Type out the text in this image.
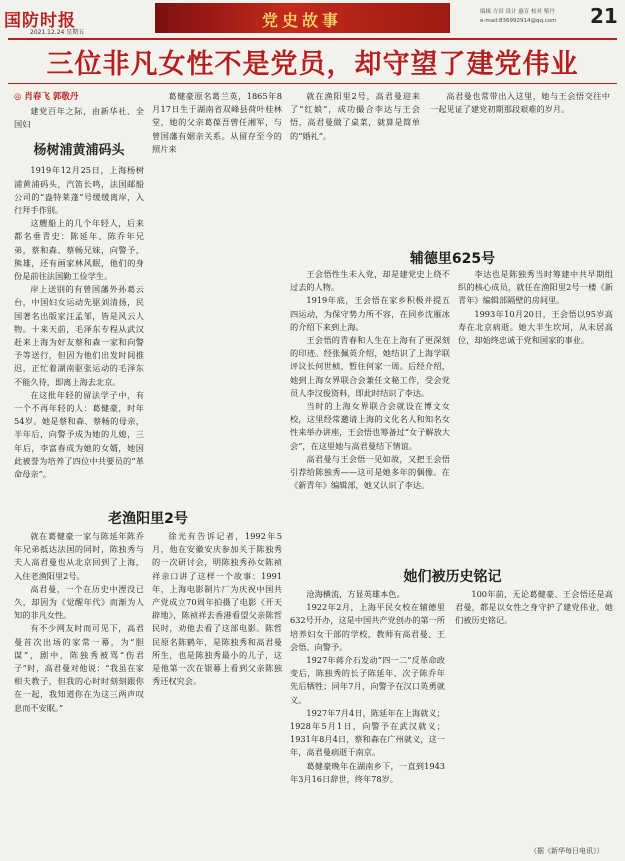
国防时报
2021.12.24 星期五
党史故事	编辑 方田 设计 惠宣 校对 柴丹
e-mail:836992914@qq.com 21
三位非凡女性不是党员，却守望了建党伟业
◎ 肖春飞 郭敬丹

建党百年之际，由新华社、全国妇

杨树浦黄浦码头

1919年12月25日，上海杨树浦黄浦码头，汽笛长鸣，法国邮船公司的“盎特莱蓬”号缓缓离岸，入行拜手作别。

这艘船上的几个年轻人，后来都名垂青史：陈延年、陈乔年兄弟，蔡和森、蔡畅兄妹，向警予，熊雄，还有画家林风眠，他们的身份是前往法国勤工俭学生。

岸上送别的有曾国藩外孙葛云台，中国妇女运动先驱刘清扬，民国著名出版家汪孟邹，皆是风云人物。十来天前，毛泽东专程从武汉赶来上海为好友蔡和森一家和向警予等送行，但因为他们出发时间推迟，正忙着湖南驱张运动的毛泽东不能久待，即离上海去北京。

在这批年轻的留法学子中，有一个不再年轻的人：葛健豪，时年54岁。她是蔡和森、蔡畅的母亲，半年后，向警予成为她的儿媳，三年后，李富春成为她的女婿，她因此被誉为培养了四位中共要员的“革命母亲”。

葛健豪原名葛兰英，1865年8月17日生于湖南省双峰县荷叶桂林堂，她的父亲葛葆吾曾任湘军，与曾国藩有姻亲关系。从留存至今的照片来

就在渔阳里2号，高君曼迎来了“红娘”，成功撮合李达与王会悟，高君曼做了桌菜，就算是简单的“婚礼”。

高君曼也常带出入这里，她与王会悟交往中一起见证了建党初期那段艰难的岁月。

辅德里625号

王会悟性生未入党，却是建党史上绕不过去的人物。

1919年底，王会悟在家乡积极并提五四运动，为保守势力所不容，在同乡沈雁冰的介绍下来到上海。

王会悟的青春和人生在上海有了更深刻的印迹。经张佩英介绍，她结识了上海学联评议长何世桢，暂住何家一周。后经介绍，她到上海女界联合会兼任文秘工作，受会党员人李汉俊资料，即此时结识了李达。

当时的上海女界联合会就设在博文女校，这里经常邀请上海的文化名人和知名女性来举办讲座，王会悟也筹备过“女子解放大会”，在这里她与高君曼结下情谊。

高君曼与王会悟一见如故，又把王会悟引荐给陈独秀——这可是她多年的偶像。在《新青年》编辑部，她又认识了李达。

李达也是陈独秀当时筹建中共早期组织的核心成员，就任在渔阳里2号一楼《新青年》编辑部隔壁的房间里。

1993年10月20日，王会悟以95岁高寿在北京病逝。她大半生坎坷，从未居高位，却始终忠诚于党和国家的事业。

老渔阳里2号

就在葛健豪一家与陈延年陈乔年兄弟抵达法国的同时，陈独秀与夫人高君曼也从北京回到了上海，入住老渔阳里2号。

高君曼，一个在历史中湮没已久，却因为《觉醒年代》而渐为人知的非凡女性。

有不少网友时而可见下，高君曼首次出场的家常一幕，为“胆谋”，剧中，陈独秀被骂“伤君子”时，高君曼对他说：“我虽在家相夫教子，但我的心时时刻刻跟你在一起，我知道你在为这三两声叹息而不安眠。”

徐光有告诉记者，1992年5月，他在安徽安庆参加关于陈独秀的一次研讨会，明陈独秀孙女陈祯祥亲口讲了这样一个故事：1991年，上海电影制片厂为庆祝中国共产党成立70周年拍摄了电影《开天辟地》，陈祯祥去香港看望父亲陈哲民时，劝他去看了这部电影。陈哲民原名陈鹤年，是陈独秀和高君曼所生，也是陈独秀最小的儿子，这是他第一次在银幕上看到父亲陈独秀还权究会。

她们被历史铭记

沧海横流，方显英雄本色。

1922年2月，上海平民女校在辅德里632号开办，这是中国共产党创办的第一所培养妇女干部的学校，教师有高君曼、王会悟、向警予。

1927年蒋介石发动“四一二”反革命政变后，陈独秀的长子陈延年、次子陈乔年先后牺牲；同年7月，向警予在汉口英勇就义。

1927年7月4日，陈延年在上海就义；1928年5月1日，向警予在武汉就义；1931年8月4日，蔡和森在广州就义，这一年，高君曼病逝于南京。

葛健豪晚年在湖南乡下，一直到1943年3月16日辞世，终年78岁。

100年前，无论葛健豪、王会悟还是高君曼，都是以女性之身守护了建党伟业，她们被历史铭记。

（据《新华每日电讯》）
